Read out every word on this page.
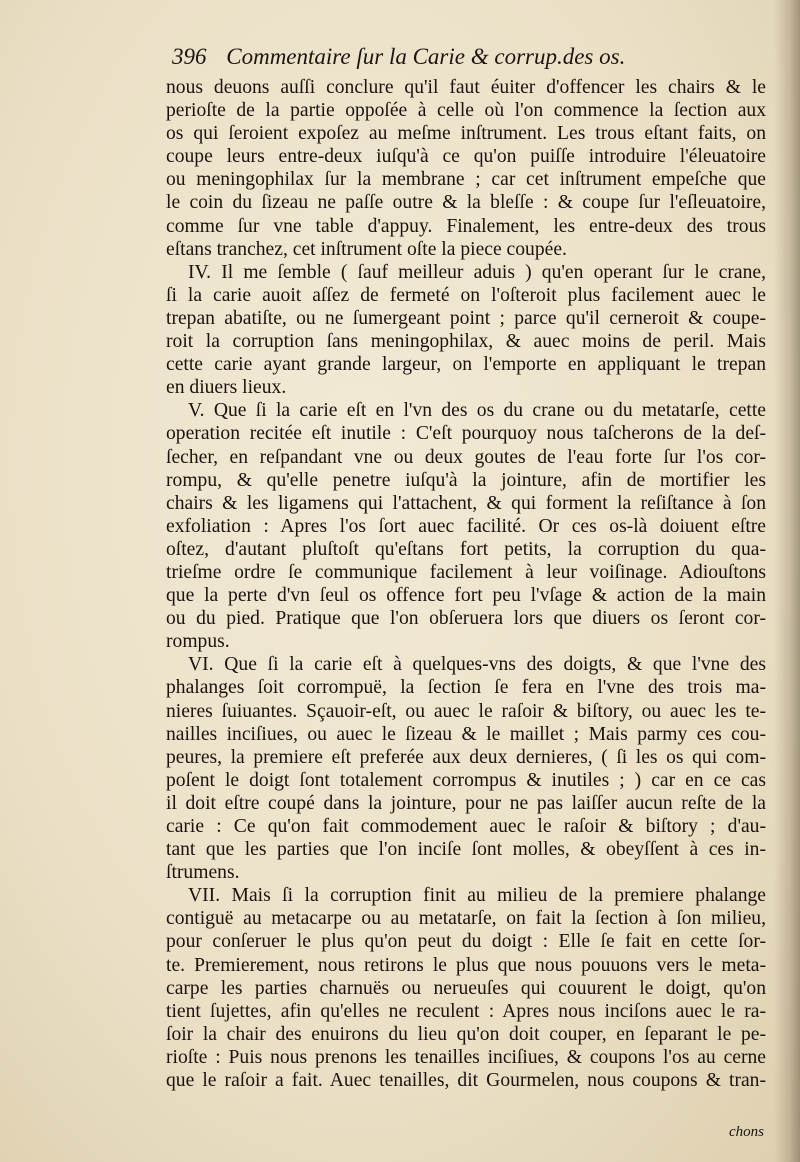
396 Commentaire ſur la Carie & corrup.des os.
nous deuons auſſi conclure qu'il faut éuiter d'offencer les chairs & le
perioſte de la partie oppoſée à celle où l'on commence la ſection aux
os qui ſeroient expoſez au meſme inſtrument. Les trous eſtant faits, on
coupe leurs entre-deux iuſqu'à ce qu'on puiſſe introduire l'éleuatoire
ou meningophilax ſur la membrane ; car cet inſtrument empeſche que
le coin du ſizeau ne paſſe outre & la bleſſe : & coupe ſur l'eſleuatoire,
comme ſur vne table d'appuy. Finalement, les entre-deux des trous
eſtans tranchez, cet inſtrument oſte la piece coupée.
IV. Il me ſemble ( ſauf meilleur aduis ) qu'en operant ſur le crane,
ſi la carie auoit aſſez de fermeté on l'oſteroit plus facilement auec le
trepan abatiſte, ou ne ſumergeant point ; parce qu'il cerneroit & coupe-
roit la corruption ſans meningophilax, & auec moins de peril. Mais
cette carie ayant grande largeur, on l'emporte en appliquant le trepan
en diuers lieux.
V. Que ſi la carie eſt en l'vn des os du crane ou du metatarſe, cette
operation recitée eſt inutile : C'eſt pourquoy nous taſcherons de la deſ-
ſecher, en reſpandant vne ou deux goutes de l'eau forte ſur l'os cor-
rompu, & qu'elle penetre iuſqu'à la jointure, afin de mortifier les
chairs & les ligamens qui l'attachent, & qui forment la reſiſtance à ſon
exfoliation : Apres l'os ſort auec facilité. Or ces os-là doiuent eſtre
oſtez, d'autant pluſtoſt qu'eſtans fort petits, la corruption du qua-
trieſme ordre ſe communique facilement à leur voiſinage. Adiouſtons
que la perte d'vn ſeul os offence fort peu l'vſage & action de la main
ou du pied. Pratique que l'on obſeruera lors que diuers os ſeront cor-
rompus.
VI. Que ſi la carie eſt à quelques-vns des doigts, & que l'vne des
phalanges ſoit corrompuë, la ſection ſe fera en l'vne des trois ma-
nieres ſuiuantes. Sçauoir-eſt, ou auec le raſoir & biſtory, ou auec les te-
nailles inciſiues, ou auec le ſizeau & le maillet ; Mais parmy ces cou-
peures, la premiere eſt preferée aux deux dernieres, ( ſi les os qui com-
poſent le doigt ſont totalement corrompus & inutiles ; ) car en ce cas
il doit eſtre coupé dans la jointure, pour ne pas laiſſer aucun reſte de la
carie : Ce qu'on fait commodement auec le raſoir & biſtory ; d'au-
tant que les parties que l'on inciſe ſont molles, & obeyſſent à ces in-
ſtrumens.
VII. Mais ſi la corruption finit au milieu de la premiere phalange
contiguë au metacarpe ou au metatarſe, on fait la ſection à ſon milieu,
pour conſeruer le plus qu'on peut du doigt : Elle ſe fait en cette ſor-
te. Premierement, nous retirons le plus que nous pouuons vers le meta-
carpe les parties charnuës ou nerueuſes qui couurent le doigt, qu'on
tient ſujettes, afin qu'elles ne reculent : Apres nous inciſons auec le ra-
ſoir la chair des enuirons du lieu qu'on doit couper, en ſeparant le pe-
rioſte : Puis nous prenons les tenailles inciſiues, & coupons l'os au cerne
que le raſoir a fait. Auec tenailles, dit Gourmelen, nous coupons & tran-
chons
